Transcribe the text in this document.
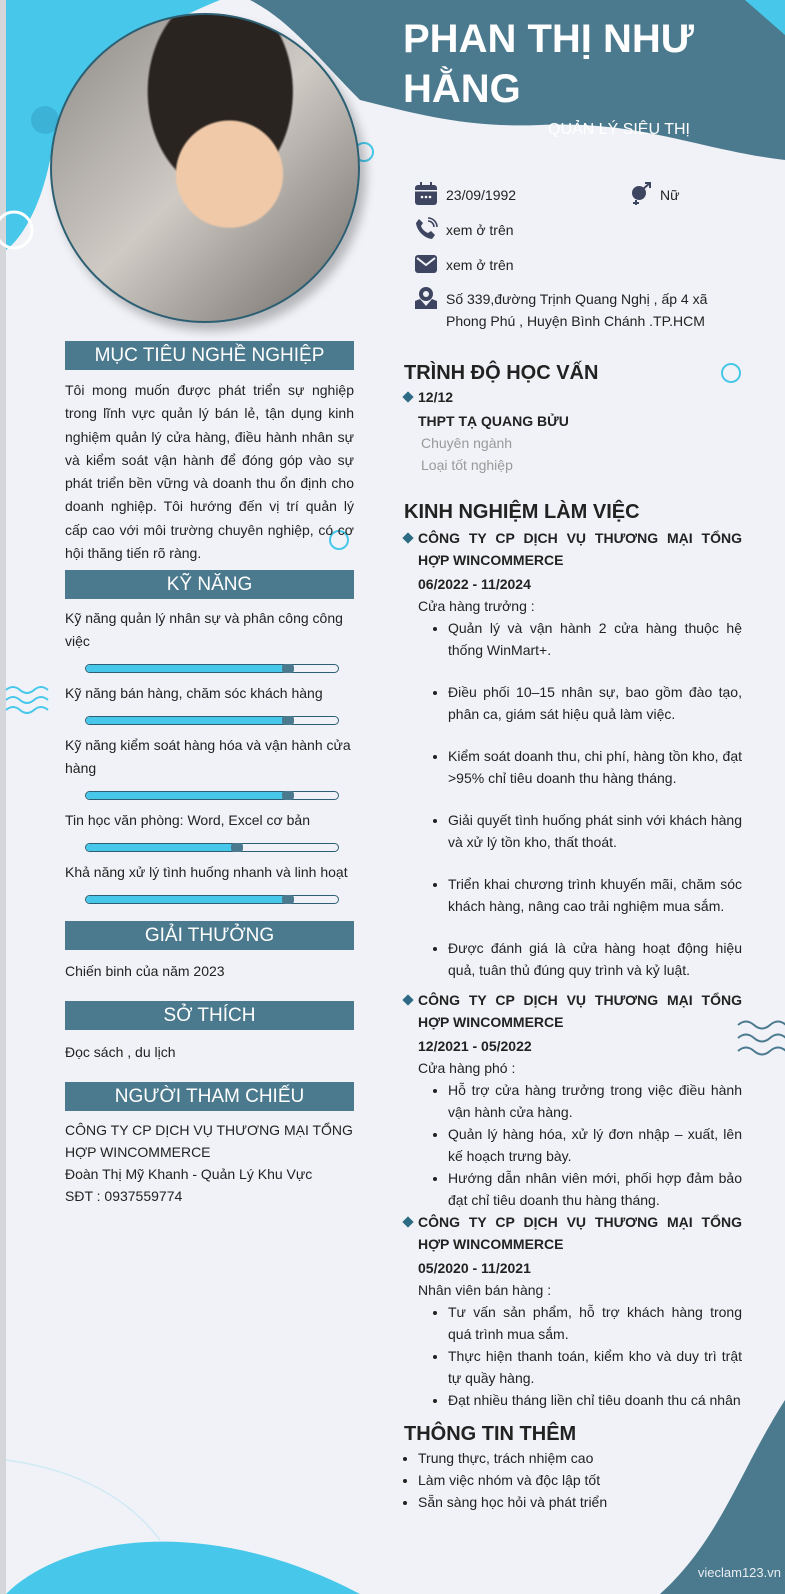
PHAN THỊ NHƯ HẰNG
QUẢN LÝ SIÊU THỊ
23/09/1992	Nữ
xem ở trên
xem ở trên
Số 339,đường Trịnh Quang Nghị , ấp 4 xã Phong Phú , Huyện Bình Chánh .TP.HCM
MỤC TIÊU NGHỀ NGHIỆP
Tôi mong muốn được phát triển sự nghiệp trong lĩnh vực quản lý bán lẻ, tận dụng kinh nghiệm quản lý cửa hàng, điều hành nhân sự và kiểm soát vận hành để đóng góp vào sự phát triển bền vững và doanh thu ổn định cho doanh nghiệp. Tôi hướng đến vị trí quản lý cấp cao với môi trường chuyên nghiệp, có cơ hội thăng tiến rõ ràng.
KỸ NĂNG
Kỹ năng quản lý nhân sự và phân công công việc
Kỹ năng bán hàng, chăm sóc khách hàng
Kỹ năng kiểm soát hàng hóa và vận hành cửa hàng
Tin học văn phòng: Word, Excel cơ bản
Khả năng xử lý tình huống nhanh và linh hoạt
GIẢI THƯỞNG
Chiến binh của năm 2023
SỞ THÍCH
Đọc sách , du lịch
NGƯỜI THAM CHIẾU
CÔNG TY CP DỊCH VỤ THƯƠNG MẠI TỔNG HỢP WINCOMMERCE
Đoàn Thị Mỹ Khanh - Quản Lý Khu Vực
SĐT : 0937559774
TRÌNH ĐỘ HỌC VẤN
12/12
THPT TẠ QUANG BỬU
Chuyên ngành
Loại tốt nghiệp
KINH NGHIỆM LÀM VIỆC
CÔNG TY CP DỊCH VỤ THƯƠNG MẠI TỔNG HỢP WINCOMMERCE
06/2022 - 11/2024
Cửa hàng trưởng :
• Quản lý và vận hành 2 cửa hàng thuộc hệ thống WinMart+.
• Điều phối 10–15 nhân sự, bao gồm đào tạo, phân ca, giám sát hiệu quả làm việc.
• Kiểm soát doanh thu, chi phí, hàng tồn kho, đạt >95% chỉ tiêu doanh thu hàng tháng.
• Giải quyết tình huống phát sinh với khách hàng và xử lý tồn kho, thất thoát.
• Triển khai chương trình khuyến mãi, chăm sóc khách hàng, nâng cao trải nghiệm mua sắm.
• Được đánh giá là cửa hàng hoạt động hiệu quả, tuân thủ đúng quy trình và kỷ luật.
CÔNG TY CP DỊCH VỤ THƯƠNG MẠI TỔNG HỢP WINCOMMERCE
12/2021 - 05/2022
Cửa hàng phó :
• Hỗ trợ cửa hàng trưởng trong việc điều hành vận hành cửa hàng.
• Quản lý hàng hóa, xử lý đơn nhập – xuất, lên kế hoạch trưng bày.
• Hướng dẫn nhân viên mới, phối hợp đảm bảo đạt chỉ tiêu doanh thu hàng tháng.
CÔNG TY CP DỊCH VỤ THƯƠNG MẠI TỔNG HỢP WINCOMMERCE
05/2020 - 11/2021
Nhân viên bán hàng :
• Tư vấn sản phẩm, hỗ trợ khách hàng trong quá trình mua sắm.
• Thực hiện thanh toán, kiểm kho và duy trì trật tự quầy hàng.
• Đạt nhiều tháng liền chỉ tiêu doanh thu cá nhân
THÔNG TIN THÊM
• Trung thực, trách nhiệm cao
• Làm việc nhóm và độc lập tốt
• Sẵn sàng học hỏi và phát triển
vieclam123.vn
